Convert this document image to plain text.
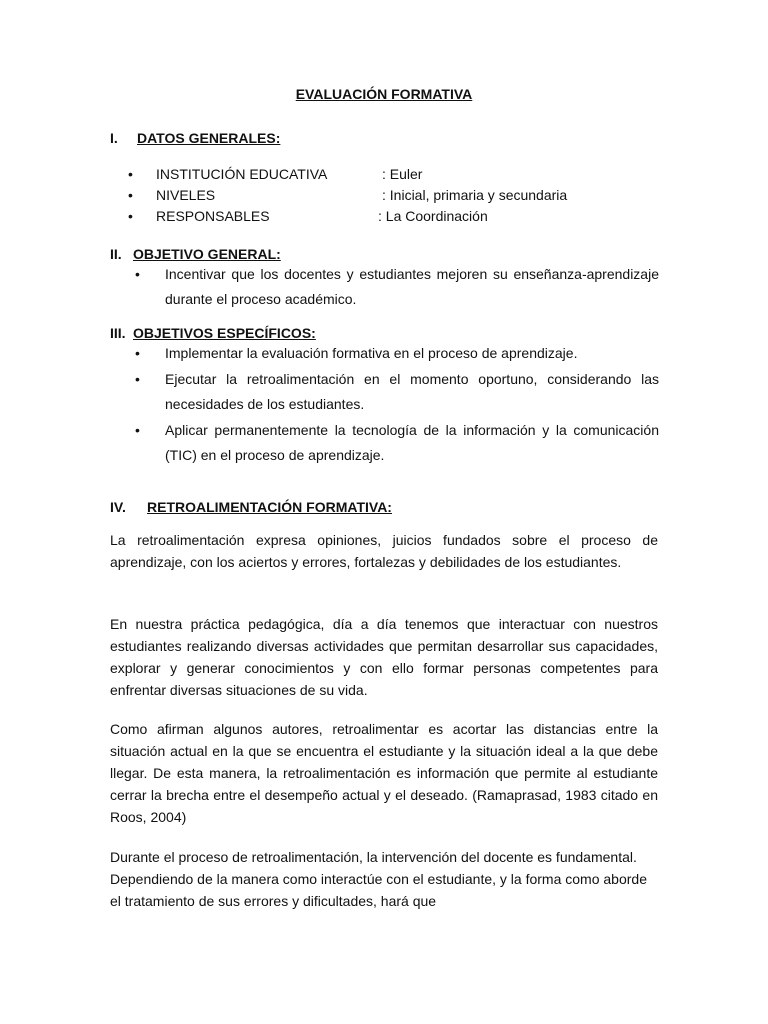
EVALUACIÓN FORMATIVA
I.	DATOS GENERALES:
• INSTITUCIÓN EDUCATIVA	: Euler
• NIVELES	: Inicial, primaria y secundaria
• RESPONSABLES	: La Coordinación
II. OBJETIVO GENERAL:
• Incentivar que los docentes y estudiantes mejoren su enseñanza-aprendizaje durante el proceso académico.
III. OBJETIVOS ESPECÍFICOS:
• Implementar la evaluación formativa en el proceso de aprendizaje.
• Ejecutar la retroalimentación en el momento oportuno, considerando las necesidades de los estudiantes.
• Aplicar permanentemente la tecnología de la información y la comunicación (TIC) en el proceso de aprendizaje.
IV.	RETROALIMENTACIÓN FORMATIVA:

La retroalimentación expresa opiniones, juicios fundados sobre el proceso de aprendizaje, con los aciertos y errores, fortalezas y debilidades de los estudiantes.

En nuestra práctica pedagógica, día a día tenemos que interactuar con nuestros estudiantes realizando diversas actividades que permitan desarrollar sus capacidades, explorar y generar conocimientos y con ello formar personas competentes para enfrentar diversas situaciones de su vida.

Como afirman algunos autores, retroalimentar es acortar las distancias entre la situación actual en la que se encuentra el estudiante y la situación ideal a la que debe llegar. De esta manera, la retroalimentación es información que permite al estudiante cerrar la brecha entre el desempeño actual y el deseado. (Ramaprasad, 1983 citado en Roos, 2004)

Durante el proceso de retroalimentación, la intervención del docente es fundamental. Dependiendo de la manera como interactúe con el estudiante, y la forma como aborde el tratamiento de sus errores y dificultades, hará que
